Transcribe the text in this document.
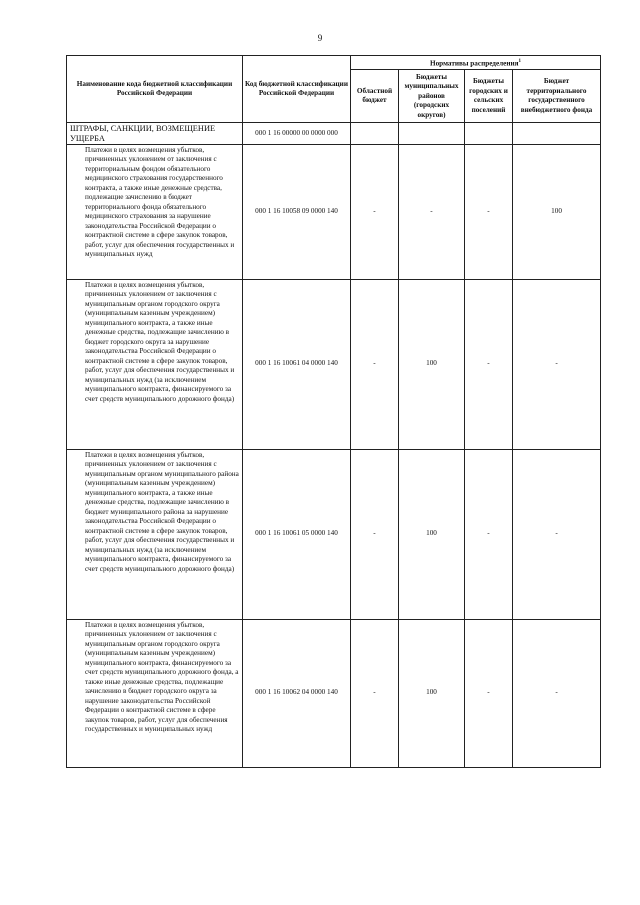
9
Наименование кода бюджетной классификации Российской Федерации	Код бюджетной классификации Российской Федерации	Нормативы распределения$^1$
		Областной бюджет	Бюджеты муниципальных районов (городских округов)	Бюджеты городских и сельских поселений	Бюджет территориального государственного внебюджетного фонда
ШТРАФЫ, САНКЦИИ, ВОЗМЕЩЕНИЕ УЩЕРБА	000 1 16 00000 00 0000 000				
Платежи в целях возмещения убытков, причиненных уклонением от заключения с территориальным фондом обязательного медицинского страхования государственного контракта, а также иные денежные средства, подлежащие зачислению в бюджет территориального фонда обязательного медицинского страхования за нарушение законодательства Российской Федерации о контрактной системе в сфере закупок товаров, работ, услуг для обеспечения государственных и муниципальных нужд	000 1 16 10058 09 0000 140	-	-	-	100
Платежи в целях возмещения убытков, причиненных уклонением от заключения с муниципальным органом городского округа (муниципальным казенным учреждением) муниципального контракта, а также иные денежные средства, подлежащие зачислению в бюджет городского округа за нарушение законодательства Российской Федерации о контрактной системе в сфере закупок товаров, работ, услуг для обеспечения государственных и муниципальных нужд (за исключением муниципального контракта, финансируемого за счет средств муниципального дорожного фонда)	000 1 16 10061 04 0000 140	-	100	-	-
Платежи в целях возмещения убытков, причиненных уклонением от заключения с муниципальным органом муниципального района (муниципальным казенным учреждением) муниципального контракта, а также иные денежные средства, подлежащие зачислению в бюджет муниципального района за нарушение законодательства Российской Федерации о контрактной системе в сфере закупок товаров, работ, услуг для обеспечения государственных и муниципальных нужд (за исключением муниципального контракта, финансируемого за счет средств муниципального дорожного фонда)	000 1 16 10061 05 0000 140	-	100	-	-
Платежи в целях возмещения убытков, причиненных уклонением от заключения с муниципальным органом городского округа (муниципальным казенным учреждением) муниципального контракта, финансируемого за счет средств муниципального дорожного фонда, а также иные денежные средства, подлежащие зачислению в бюджет городского округа за нарушение законодательства Российской Федерации о контрактной системе в сфере закупок товаров, работ, услуг для обеспечения государственных и муниципальных нужд	000 1 16 10062 04 0000 140	-	100	-	-
